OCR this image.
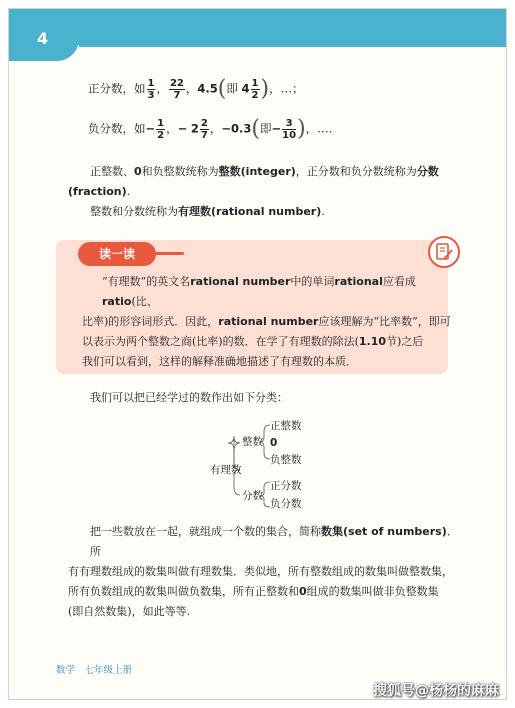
4
正分数，如 $\frac{1}{3}$ ， $\frac{22}{7}$ ，4.5(即 $4 \frac{1}{2}$ )，…；
负分数，如− $\frac{1}{2}$ ，− $2 \frac{2}{7}$ ，−0.3(即− $\frac{3}{10}$ )，….
正整数、0和负整数统称为整数(integer)，正分数和负分数统称为分数(fraction).
整数和分数统称为有理数(rational number).
读一读
“有理数”的英文名rational number中的单词rational应看成ratio(比、
比率)的形容词形式．因此，rational number应该理解为“比率数”，即可
以表示为两个整数之商(比率)的数．在学了有理数的除法(1.10节)之后
我们可以看到，这样的解释准确地描述了有理数的本质．
我们可以把已经学过的数作出如下分类：
有理数
整数
分数
正整数
0
负整数
正分数
负分数
把一些数放在一起，就组成一个数的集合，简称数集(set of numbers)．所
有有理数组成的数集叫做有理数集．类似地，所有整数组成的数集叫做整数集，
所有负数组成的数集叫做负数集，所有正整数和0组成的数集叫做非负整数集
(即自然数集)，如此等等.
数学　七年级上册
搜狐号@杨杨的麻麻
